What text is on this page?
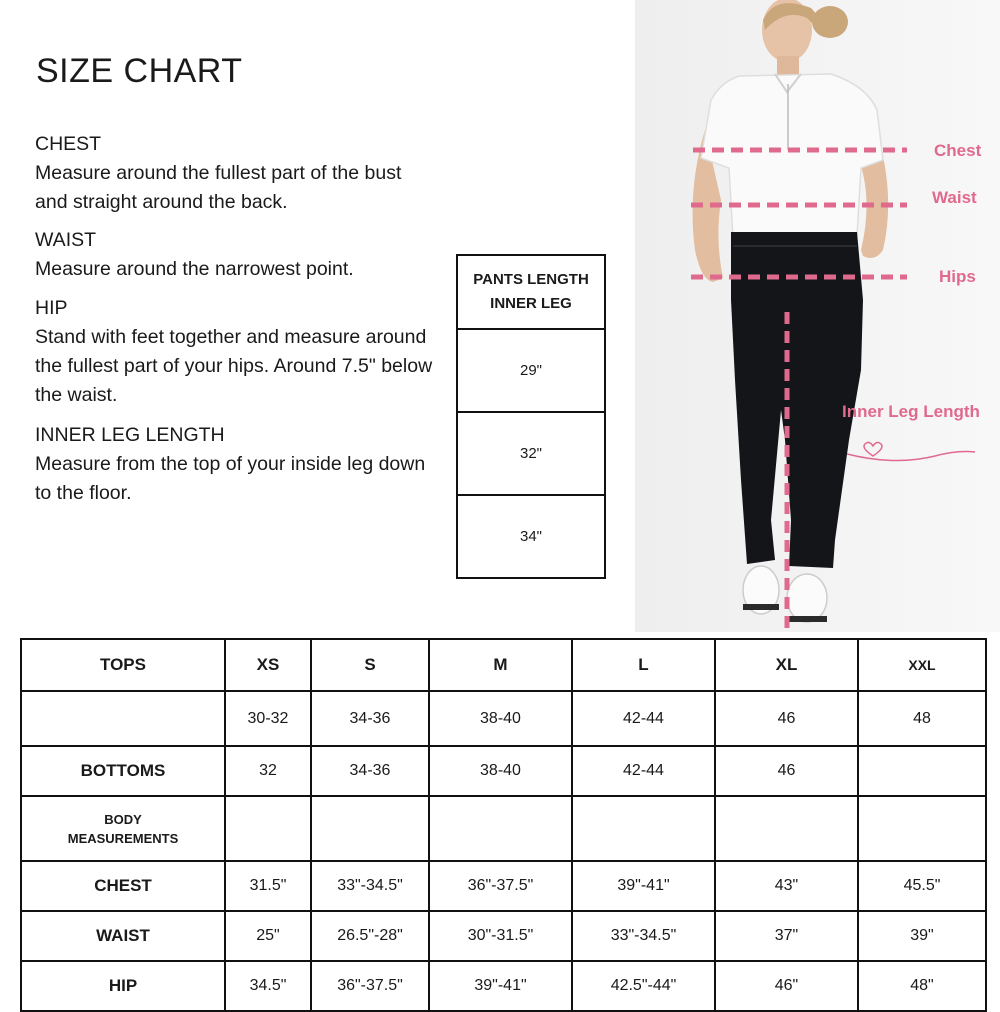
SIZE CHART
CHEST
Measure around the fullest part of the bust and straight around the back.
WAIST
Measure around the narrowest point.
HIP
Stand with feet together and measure around the fullest part of your hips. Around 7.5" below the waist.
INNER LEG LENGTH
Measure from the top of your inside leg down to the floor.
PANTS LENGTH
INNER LEG
29"
32"
34"
Chest
Waist
Hips
Inner Leg Length
TOPS	XS	S	M	L	XL	XXL
	30-32	34-36	38-40	42-44	46	48
BOTTOMS	32	34-36	38-40	42-44	46	
BODY
MEASUREMENTS						
CHEST	31.5"	33"-34.5"	36"-37.5"	39"-41"	43"	45.5"
WAIST	25"	26.5"-28"	30"-31.5"	33"-34.5"	37"	39"
HIP	34.5"	36"-37.5"	39"-41"	42.5"-44"	46"	48"
